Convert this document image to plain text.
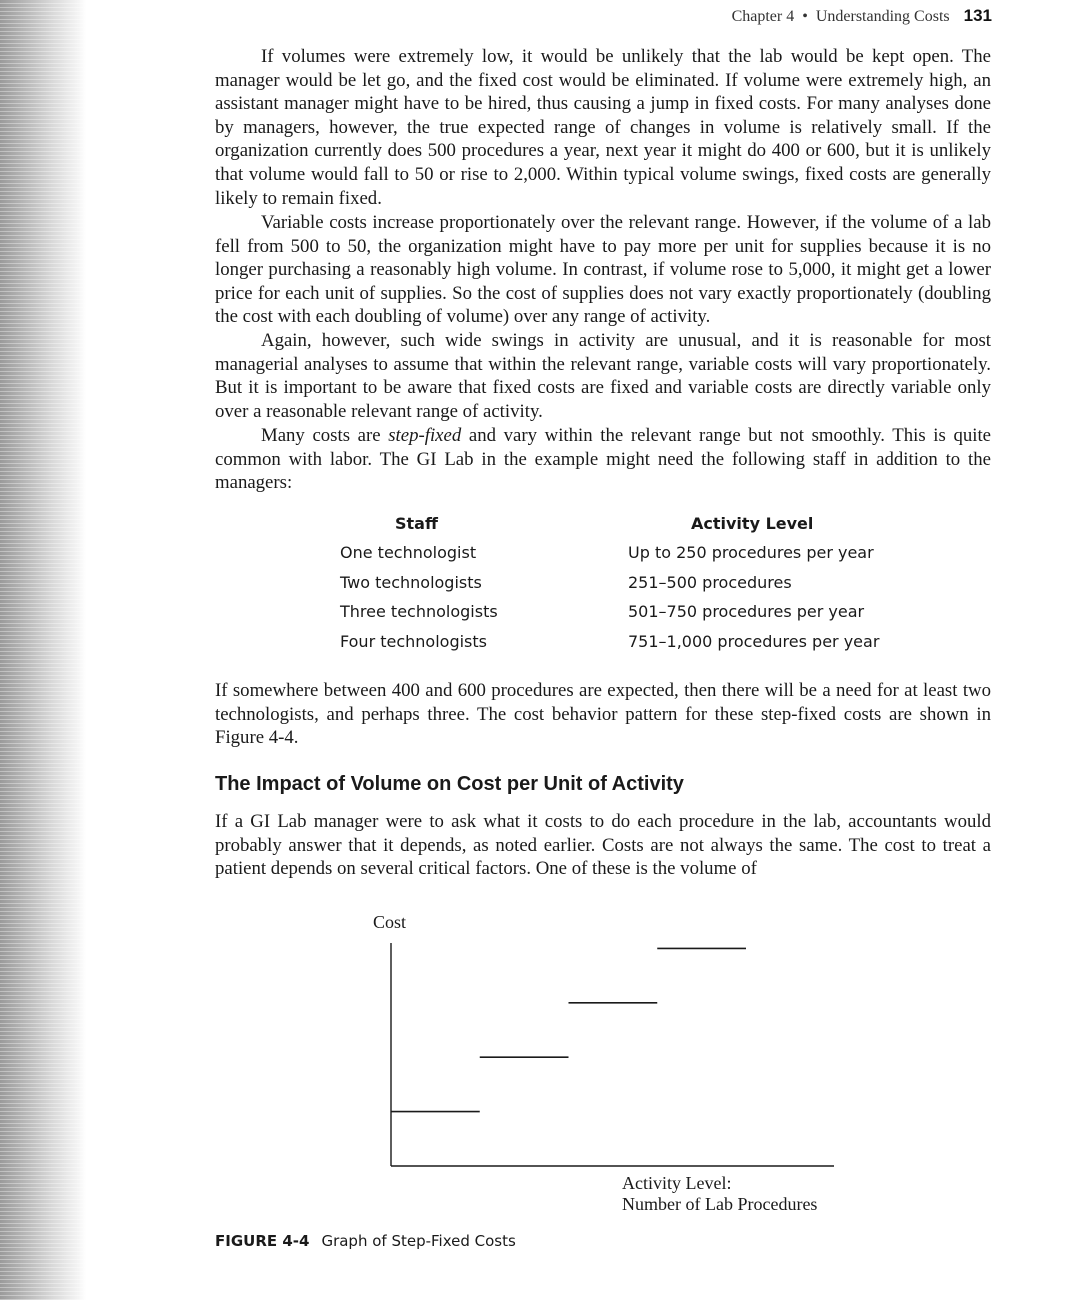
Chapter 4 • Understanding Costs 131

If volumes were extremely low, it would be unlikely that the lab would be kept open. The manager would be let go, and the fixed cost would be eliminated. If volume were extremely high, an assistant manager might have to be hired, thus causing a jump in fixed costs. For many analyses done by managers, however, the true expected range of changes in volume is relatively small. If the organization currently does 500 procedures a year, next year it might do 400 or 600, but it is unlikely that volume would fall to 50 or rise to 2,000. Within typical volume swings, fixed costs are generally likely to remain fixed.

Variable costs increase proportionately over the relevant range. However, if the volume of a lab fell from 500 to 50, the organization might have to pay more per unit for supplies because it is no longer purchasing a reasonably high volume. In contrast, if volume rose to 5,000, it might get a lower price for each unit of supplies. So the cost of supplies does not vary exactly proportionately (doubling the cost with each doubling of volume) over any range of activity.

Again, however, such wide swings in activity are unusual, and it is reasonable for most managerial analyses to assume that within the relevant range, variable costs will vary proportionately. But it is important to be aware that fixed costs are fixed and variable costs are directly variable only over a reasonable relevant range of activity.

Many costs are step-fixed and vary within the relevant range but not smoothly. This is quite common with labor. The GI Lab in the example might need the following staff in addition to the managers:

Staff	Activity Level
One technologist	Up to 250 procedures per year
Two technologists	251–500 procedures
Three technologists	501–750 procedures per year
Four technologists	751–1,000 procedures per year

If somewhere between 400 and 600 procedures are expected, then there will be a need for at least two technologists, and perhaps three. The cost behavior pattern for these step-fixed costs are shown in Figure 4-4.

The Impact of Volume on Cost per Unit of Activity

If a GI Lab manager were to ask what it costs to do each procedure in the lab, accountants would probably answer that it depends, as noted earlier. Costs are not always the same. The cost to treat a patient depends on several critical factors. One of these is the volume of

Cost
Activity Level:
Number of Lab Procedures

FIGURE 4-4 Graph of Step-Fixed Costs
